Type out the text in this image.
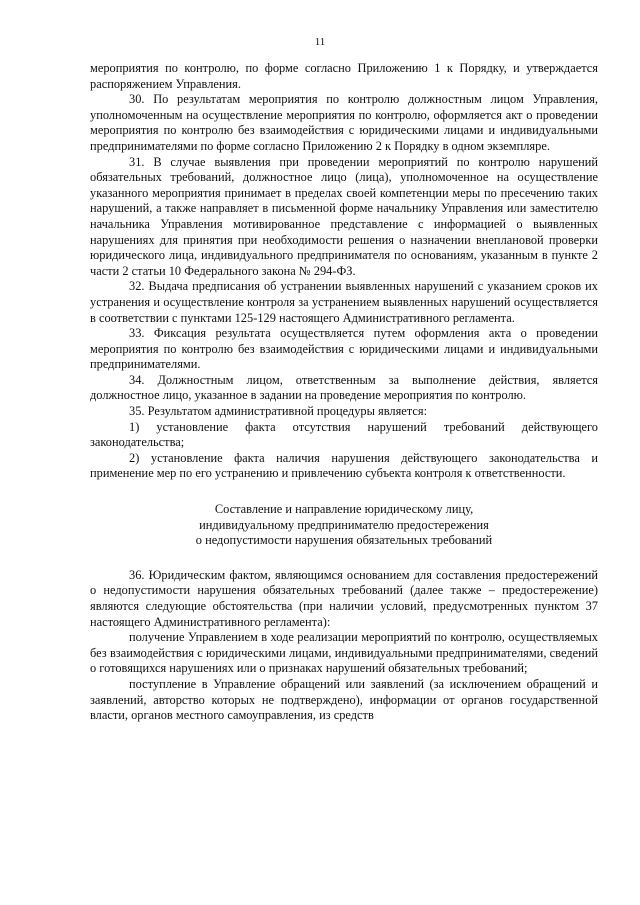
11

мероприятия по контролю, по форме согласно Приложению 1 к Порядку, и утверждается распоряжением Управления.

30. По результатам мероприятия по контролю должностным лицом Управления, уполномоченным на осуществление мероприятия по контролю, оформляется акт о проведении мероприятия по контролю без взаимодействия с юридическими лицами и индивидуальными предпринимателями по форме согласно Приложению 2 к Порядку в одном экземпляре.

31. В случае выявления при проведении мероприятий по контролю нарушений обязательных требований, должностное лицо (лица), уполномоченное на осуществление указанного мероприятия принимает в пределах своей компетенции меры по пресечению таких нарушений, а также направляет в письменной форме начальнику Управления или заместителю начальника Управления мотивированное представление с информацией о выявленных нарушениях для принятия при необходимости решения о назначении внеплановой проверки юридического лица, индивидуального предпринимателя по основаниям, указанным в пункте 2 части 2 статьи 10 Федерального закона № 294-ФЗ.

32. Выдача предписания об устранении выявленных нарушений с указанием сроков их устранения и осуществление контроля за устранением выявленных нарушений осуществляется в соответствии с пунктами 125-129 настоящего Административного регламента.

33. Фиксация результата осуществляется путем оформления акта о проведении мероприятия по контролю без взаимодействия с юридическими лицами и индивидуальными предпринимателями.

34. Должностным лицом, ответственным за выполнение действия, является должностное лицо, указанное в задании на проведение мероприятия по контролю.

35. Результатом административной процедуры является:

1) установление факта отсутствия нарушений требований действующего законодательства;

2) установление факта наличия нарушения действующего законодательства и применение мер по его устранению и привлечению субъекта контроля к ответственности.

Составление и направление юридическому лицу,
индивидуальному предпринимателю предостережения
о недопустимости нарушения обязательных требований

36. Юридическим фактом, являющимся основанием для составления предостережений о недопустимости нарушения обязательных требований (далее также – предостережение) являются следующие обстоятельства (при наличии условий, предусмотренных пунктом 37 настоящего Административного регламента):

получение Управлением в ходе реализации мероприятий по контролю, осуществляемых без взаимодействия с юридическими лицами, индивидуальными предпринимателями, сведений о готовящихся нарушениях или о признаках нарушений обязательных требований;

поступление в Управление обращений или заявлений (за исключением обращений и заявлений, авторство которых не подтверждено), информации от органов государственной власти, органов местного самоуправления, из средств
